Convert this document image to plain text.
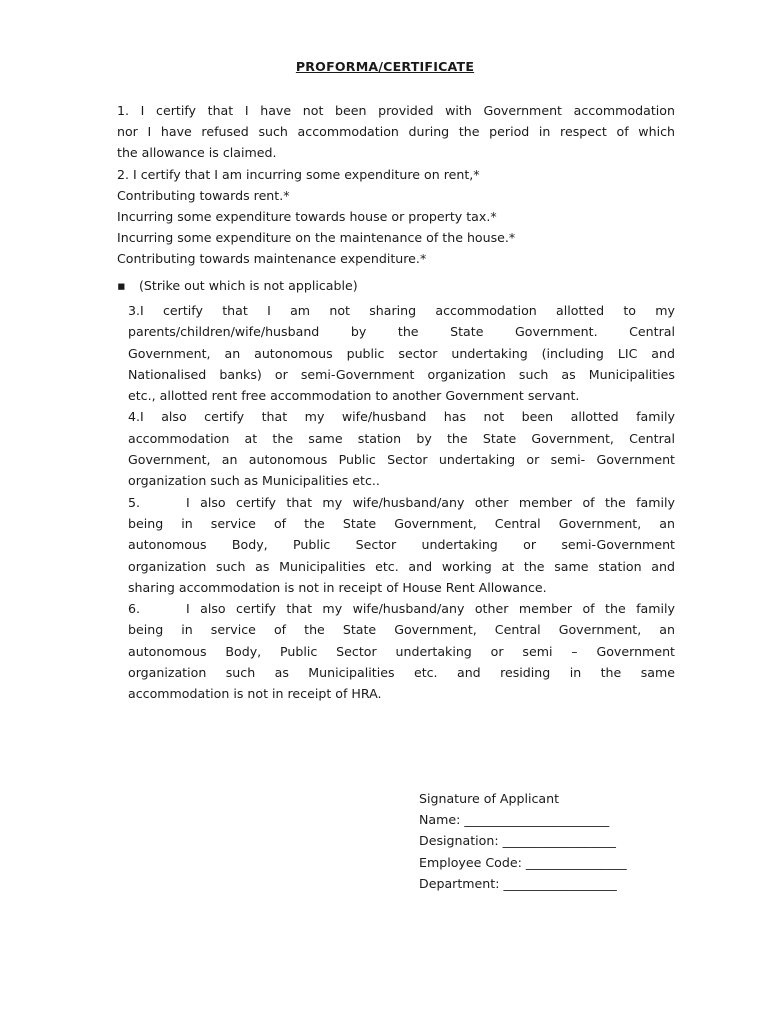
PROFORMA/CERTIFICATE

1. I certify that I have not been provided with Government accommodation

nor I have refused such accommodation during the period in respect of which

the allowance is claimed.

2. I certify that I am incurring some expenditure on rent,*

Contributing towards rent.*

Incurring some expenditure towards house or property tax.*

Incurring some expenditure on the maintenance of the house.*

Contributing towards maintenance expenditure.*

▪ (Strike out which is not applicable)

3.I certify that I am not sharing accommodation allotted to my

parents/children/wife/husband by the State Government. Central

Government, an autonomous public sector undertaking (including LIC and

Nationalised banks) or semi-Government organization such as Municipalities

etc., allotted rent free accommodation to another Government servant.

4.I also certify that my wife/husband has not been allotted family

accommodation at the same station by the State Government, Central

Government, an autonomous Public Sector undertaking or semi- Government

organization such as Municipalities etc..

5.	I also certify that my wife/husband/any other member of the family

being in service of the State Government, Central Government, an

autonomous Body, Public Sector undertaking or semi-Government

organization such as Municipalities etc. and working at the same station and

sharing accommodation is not in receipt of House Rent Allowance.

6.	I also certify that my wife/husband/any other member of the family

being in service of the State Government, Central Government, an

autonomous Body, Public Sector undertaking or semi – Government

organization such as Municipalities etc. and residing in the same

accommodation is not in receipt of HRA.

Signature of Applicant

Name: _______________________

Designation: __________________

Employee Code: ________________

Department: __________________
